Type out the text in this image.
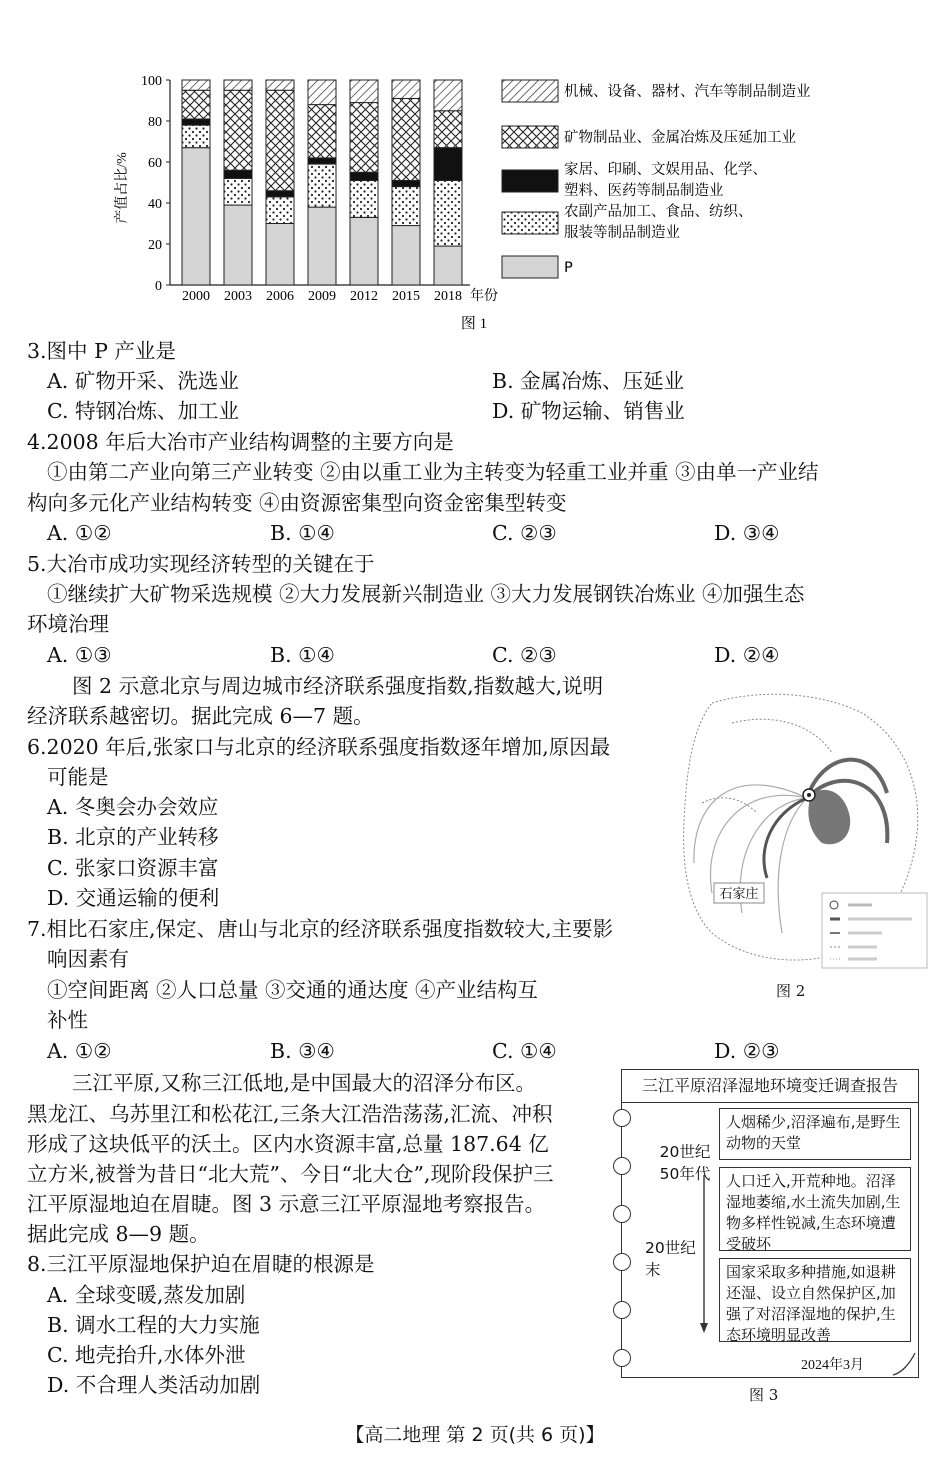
产值占比/%
年份
0
20
40
60
80
100
2000 2003 2006 2009 2012 2015 2018
机械、设备、器材、汽车等制品制造业
矿物制品业、金属冶炼及压延加工业
家居、印刷、文娱用品、化学、
塑料、医药等制品制造业
农副产品加工、食品、纺织、
服装等制品制造业
P
图 1
3.图中 P 产业是
A. 矿物开采、洗选业	B. 金属冶炼、压延业
C. 特钢冶炼、加工业	D. 矿物运输、销售业
4.2008 年后大冶市产业结构调整的主要方向是
①由第二产业向第三产业转变 ②由以重工业为主转变为轻重工业并重 ③由单一产业结
构向多元化产业结构转变 ④由资源密集型向资金密集型转变
A. ①②	B. ①④	C. ②③	D. ③④
5.大冶市成功实现经济转型的关键在于
①继续扩大矿物采选规模 ②大力发展新兴制造业 ③大力发展钢铁冶炼业 ④加强生态
环境治理
A. ①③	B. ①④	C. ②③	D. ②④
图 2 示意北京与周边城市经济联系强度指数,指数越大,说明
经济联系越密切。据此完成 6—7 题。
6.2020 年后,张家口与北京的经济联系强度指数逐年增加,原因最
可能是
A. 冬奥会办会效应
B. 北京的产业转移
C. 张家口资源丰富
D. 交通运输的便利
7.相比石家庄,保定、唐山与北京的经济联系强度指数较大,主要影
响因素有
①空间距离 ②人口总量 ③交通的通达度 ④产业结构互
补性
A. ①②	B. ③④	C. ①④	D. ②③
石家庄
图 2
三江平原,又称三江低地,是中国最大的沼泽分布区。
黑龙江、乌苏里江和松花江,三条大江浩浩荡荡,汇流、冲积
形成了这块低平的沃土。区内水资源丰富,总量 187.64 亿
立方米,被誉为昔日“北大荒”、今日“北大仓”,现阶段保护三
江平原湿地迫在眉睫。图 3 示意三江平原湿地考察报告。
据此完成 8—9 题。
8.三江平原湿地保护迫在眉睫的根源是
A. 全球变暖,蒸发加剧
B. 调水工程的大力实施
C. 地壳抬升,水体外泄
D. 不合理人类活动加剧
三江平原沼泽湿地环境变迁调查报告
20世纪
50年代
20世纪
末
人烟稀少,沼泽遍布,是野生动物的天堂
人口迁入,开荒种地。沼泽湿地萎缩,水土流失加剧,生物多样性锐减,生态环境遭受破坏
国家采取多种措施,如退耕还湿、设立自然保护区,加强了对沼泽湿地的保护,生态环境明显改善
2024年3月
图 3
【高二地理 第 2 页(共 6 页)】
